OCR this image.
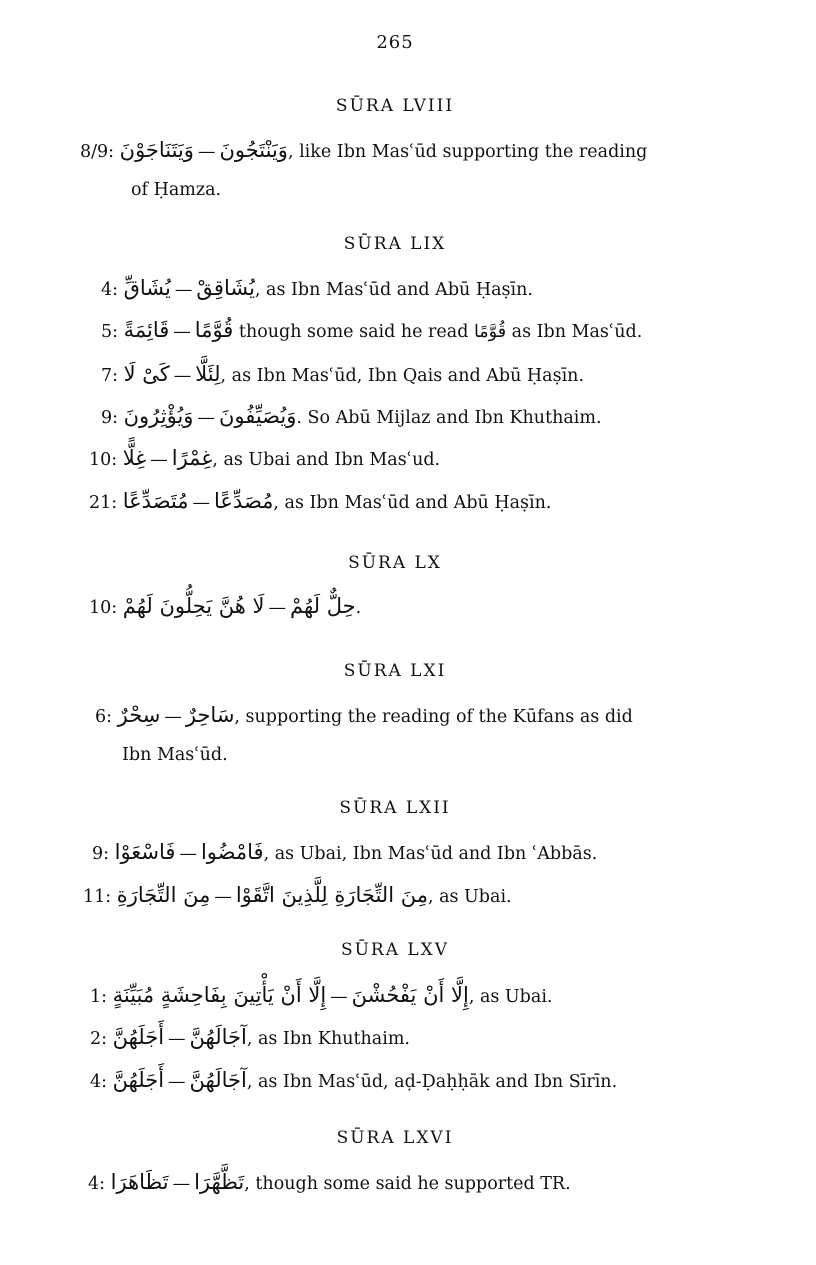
265
SŪRA LVIII
8/9: وَيَتَنَاجَوْنَ — وَيَنْتَجُونَ, like Ibn Masʿūd supporting the reading
of Ḥamza.
SŪRA LIX
4: يُشَاقِّ — يُشَاقِقْ, as Ibn Masʿūd and Abū Ḥaṣīn.
5: قَائِمَةً — قُوَّمًا though some said he read قُوَّمًا as Ibn Masʿūd.
7: كَىْ لَا — لِئَلَّا, as Ibn Masʿūd, Ibn Qais and Abū Ḥaṣīn.
9: وَيُؤْثِرُونَ — وَيُصَيِّفُونَ. So Abū Mijlaz and Ibn Khuthaim.
10: غِلًّا — غِمْرًا, as Ubai and Ibn Masʿud.
21: مُتَصَدِّعًا — مُصَدِّعًا, as Ibn Masʿūd and Abū Ḥaṣīn.
SŪRA LX
10: لَا هُنَّ يَحِلُّونَ لَهُمْ — حِلٌّ لَهُمْ.
SŪRA LXI
6: سِحْرٌ — سَاحِرٌ, supporting the reading of the Kūfans as did
Ibn Masʿūd.
SŪRA LXII
9: فَاسْعَوْا — فَامْضُوا, as Ubai, Ibn Masʿūd and Ibn ʿAbbās.
11: مِنَ التِّجَارَةِ — مِنَ التِّجَارَةِ لِلَّذِينَ اتَّقَوْا, as Ubai.
SŪRA LXV
1: إِلَّا أَنْ يَأْتِينَ بِفَاحِشَةٍ مُبَيِّنَةٍ — إِلَّا أَنْ يَفْحُشْنَ, as Ubai.
2: أَجَلَهُنَّ — آجَالَهُنَّ, as Ibn Khuthaim.
4: أَجَلَهُنَّ — آجَالَهُنَّ, as Ibn Masʿūd, aḍ-Ḍaḥḥāk and Ibn Sīrīn.
SŪRA LXVI
4: تَظَاهَرَا — تَظَّهَّرَا, though some said he supported TR.
